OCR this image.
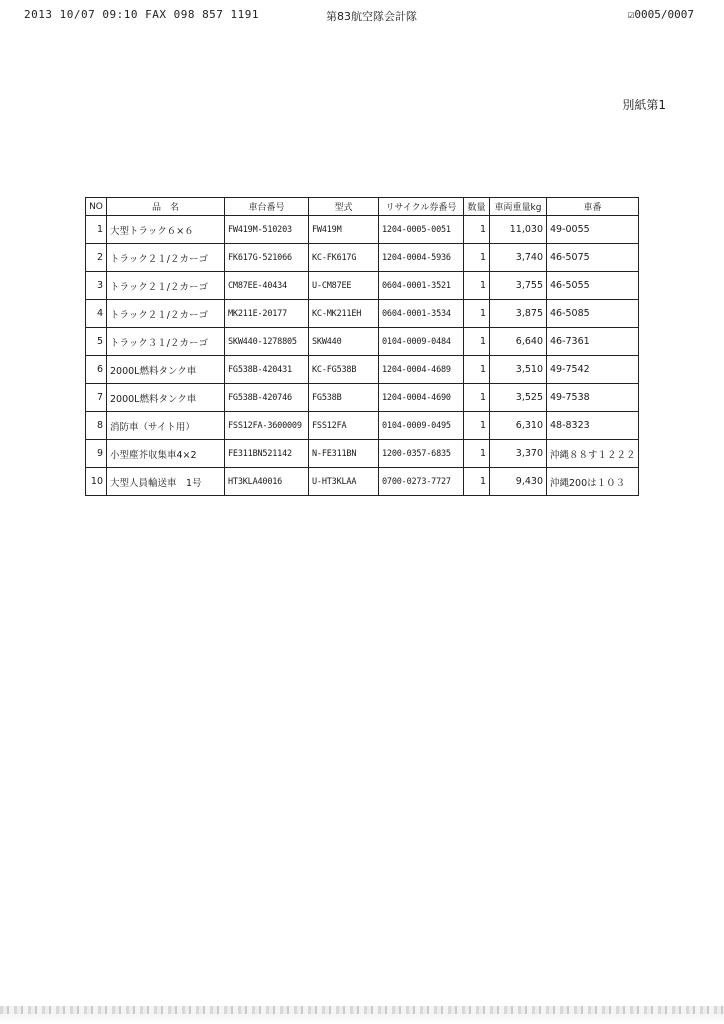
2013 10/07 09:10 FAX 098 857 1191	第83航空隊会計隊	☑0005/0007
別紙第1
NO	品　名	車台番号	型式	リサイクル券番号	数量	車両重量kg	車番
1	大型トラック６×６	FW419M-510203	FW419M	1204-0005-0051	1	11,030	49-0055
2	トラック２１/２カーゴ	FK617G-521066	KC-FK617G	1204-0004-5936	1	3,740	46-5075
3	トラック２１/２カーゴ	CM87EE-40434	U-CM87EE	0604-0001-3521	1	3,755	46-5055
4	トラック２１/２カーゴ	MK211E-20177	KC-MK211EH	0604-0001-3534	1	3,875	46-5085
5	トラック３１/２カーゴ	SKW440-1278805	SKW440	0104-0009-0484	1	6,640	46-7361
6	2000L燃料タンク車	FG538B-420431	KC-FG538B	1204-0004-4689	1	3,510	49-7542
7	2000L燃料タンク車	FG538B-420746	FG538B	1204-0004-4690	1	3,525	49-7538
8	消防車（サイト用）	FSS12FA-3600009	FSS12FA	0104-0009-0495	1	6,310	48-8323
9	小型塵芥収集車4×2	FE311BN521142	N-FE311BN	1200-0357-6835	1	3,370	沖縄８８す１２２２
10	大型人員輸送車　1号	HT3KLA40016	U-HT3KLAA	0700-0273-7727	1	9,430	沖縄200は１０３
